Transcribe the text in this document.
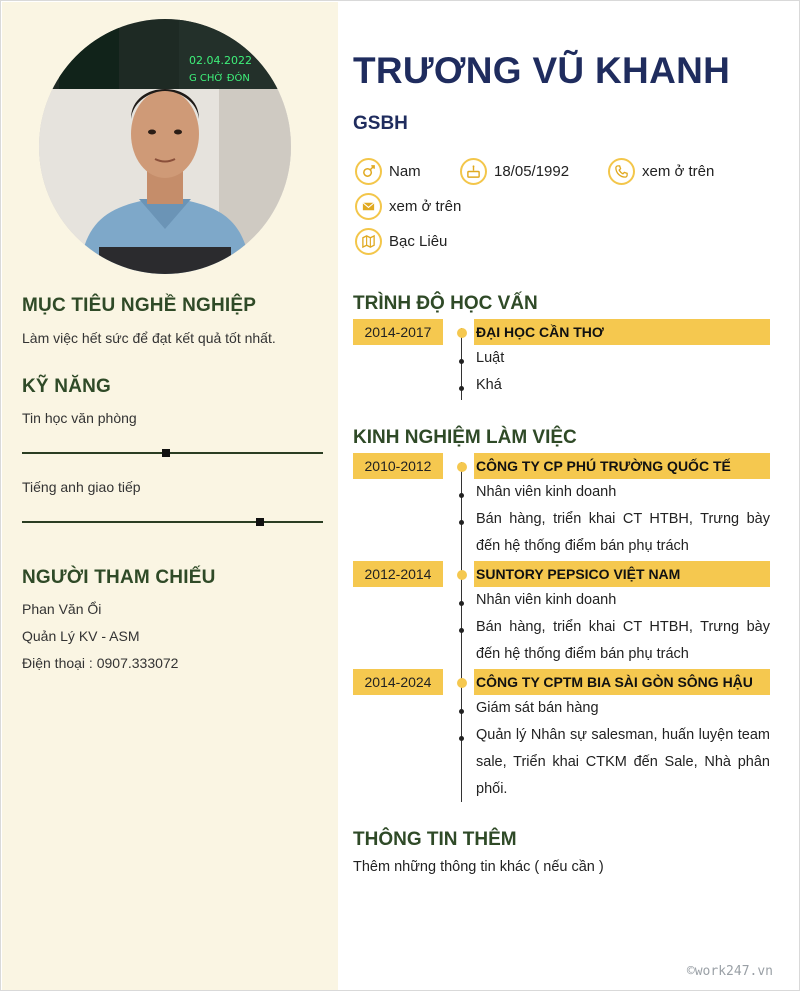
02.04.2022
G CHỜ ĐÓN
MỤC TIÊU NGHỀ NGHIỆP
Làm việc hết sức để đạt kết quả tốt nhất.
KỸ NĂNG
Tin học văn phòng
Tiếng anh giao tiếp
NGƯỜI THAM CHIẾU
Phan Văn Ổi
Quản Lý KV - ASM
Điện thoại : 0907.333072
TRƯƠNG VŨ KHANH
GSBH
Nam	18/05/1992	xem ở trên
xem ở trên
Bạc Liêu
TRÌNH ĐỘ HỌC VẤN
2014-2017	ĐẠI HỌC CẦN THƠ
Luật
Khá
KINH NGHIỆM LÀM VIỆC
2010-2012	CÔNG TY CP PHÚ TRƯỜNG QUỐC TẾ
Nhân viên kinh doanh
Bán hàng, triển khai CT HTBH, Trưng bày đến hệ thống điểm bán phụ trách
2012-2014	SUNTORY PEPSICO VIỆT NAM
Nhân viên kinh doanh
Bán hàng, triển khai CT HTBH, Trưng bày đến hệ thống điểm bán phụ trách
2014-2024	CÔNG TY CPTM BIA SÀI GÒN SÔNG HẬU
Giám sát bán hàng
Quản lý Nhân sự salesman, huấn luyện team sale, Triển khai CTKM đến Sale, Nhà phân phối.
THÔNG TIN THÊM
Thêm những thông tin khác ( nếu cần )
©work247.vn
